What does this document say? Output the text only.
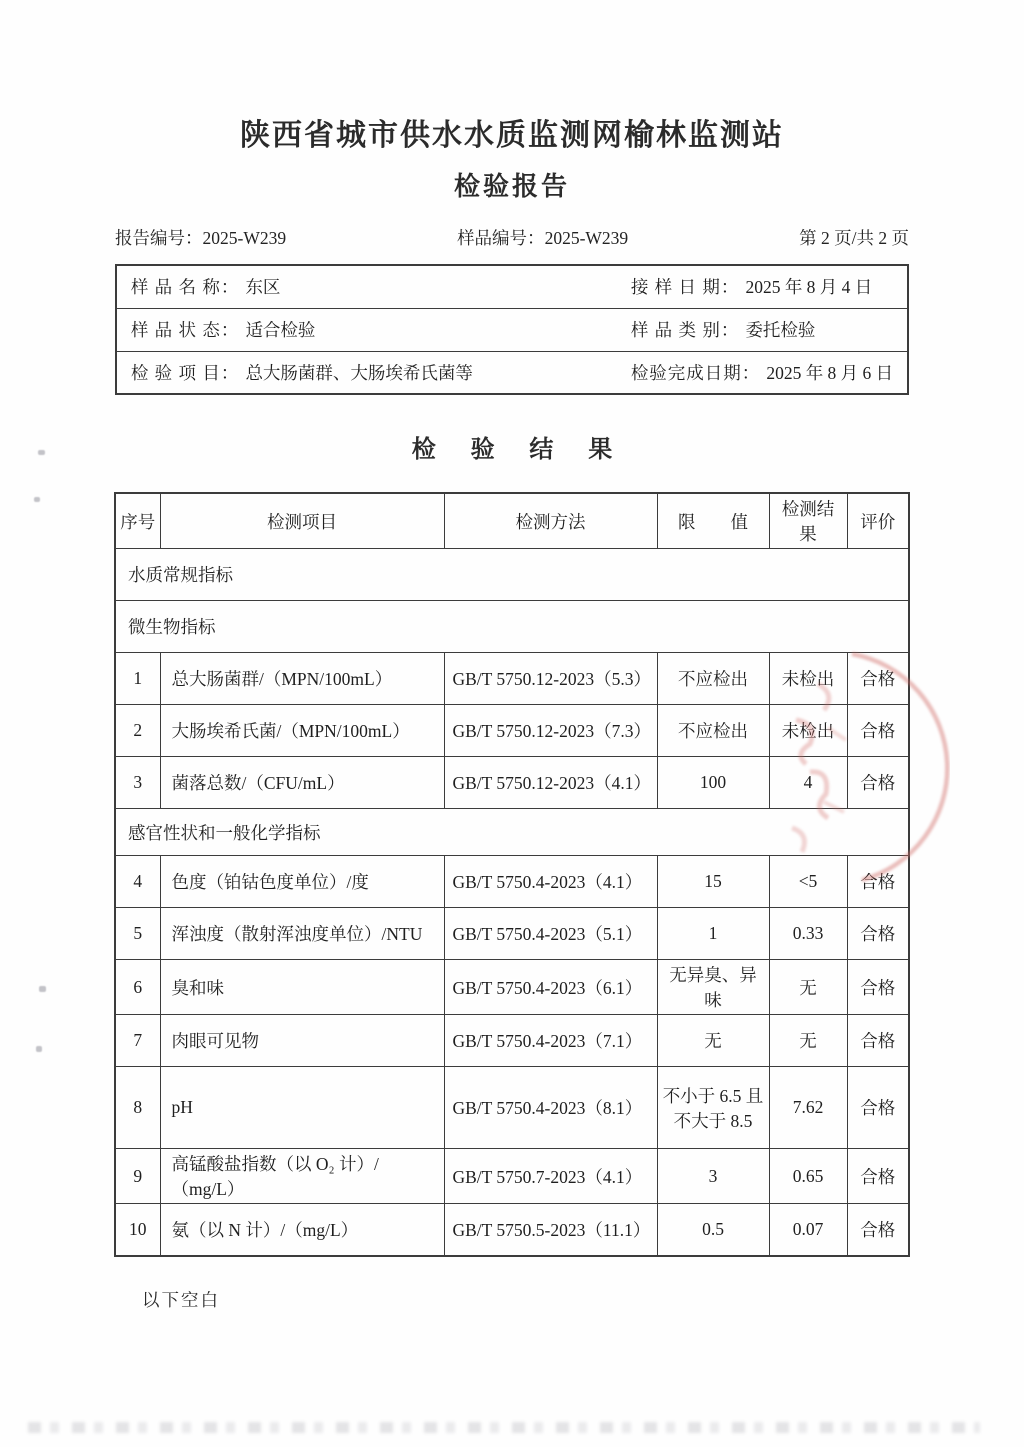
陕西省城市供水水质监测网榆林监测站
检验报告
报告编号：2025-W239	样品编号：2025-W239	第 2 页/共 2 页
样 品 名 称： 东区	接 样 日 期： 2025 年 8 月 4 日

样 品 状 态： 适合检验	样 品 类 别： 委托检验

检 验 项 目： 总大肠菌群、大肠埃希氏菌等	检验完成日期： 2025 年 8 月 6 日
检验结果
序号	检测项目	检测方法	限　　值	检测结果	评价
水质常规指标					
微生物指标					
1	总大肠菌群/（MPN/100mL）	GB/T 5750.12-2023（5.3）	不应检出	未检出	合格
2	大肠埃希氏菌/（MPN/100mL）	GB/T 5750.12-2023（7.3）	不应检出	未检出	合格
3	菌落总数/（CFU/mL）	GB/T 5750.12-2023（4.1）	100	4	合格
感官性状和一般化学指标					
4	色度（铂钴色度单位）/度	GB/T 5750.4-2023（4.1）	15	<5	合格
5	浑浊度（散射浑浊度单位）/NTU	GB/T 5750.4-2023（5.1）	1	0.33	合格
6	臭和味	GB/T 5750.4-2023（6.1）	无异臭、异味	无	合格
7	肉眼可见物	GB/T 5750.4-2023（7.1）	无	无	合格
8	pH	GB/T 5750.4-2023（8.1）	不小于 6.5 且 不大于 8.5	7.62	合格
9	高锰酸盐指数（以 O₂ 计）/（mg/L）	GB/T 5750.7-2023（4.1）	3	0.65	合格
10	氨（以 N 计）/（mg/L）	GB/T 5750.5-2023（11.1）	0.5	0.07	合格
以下空白
